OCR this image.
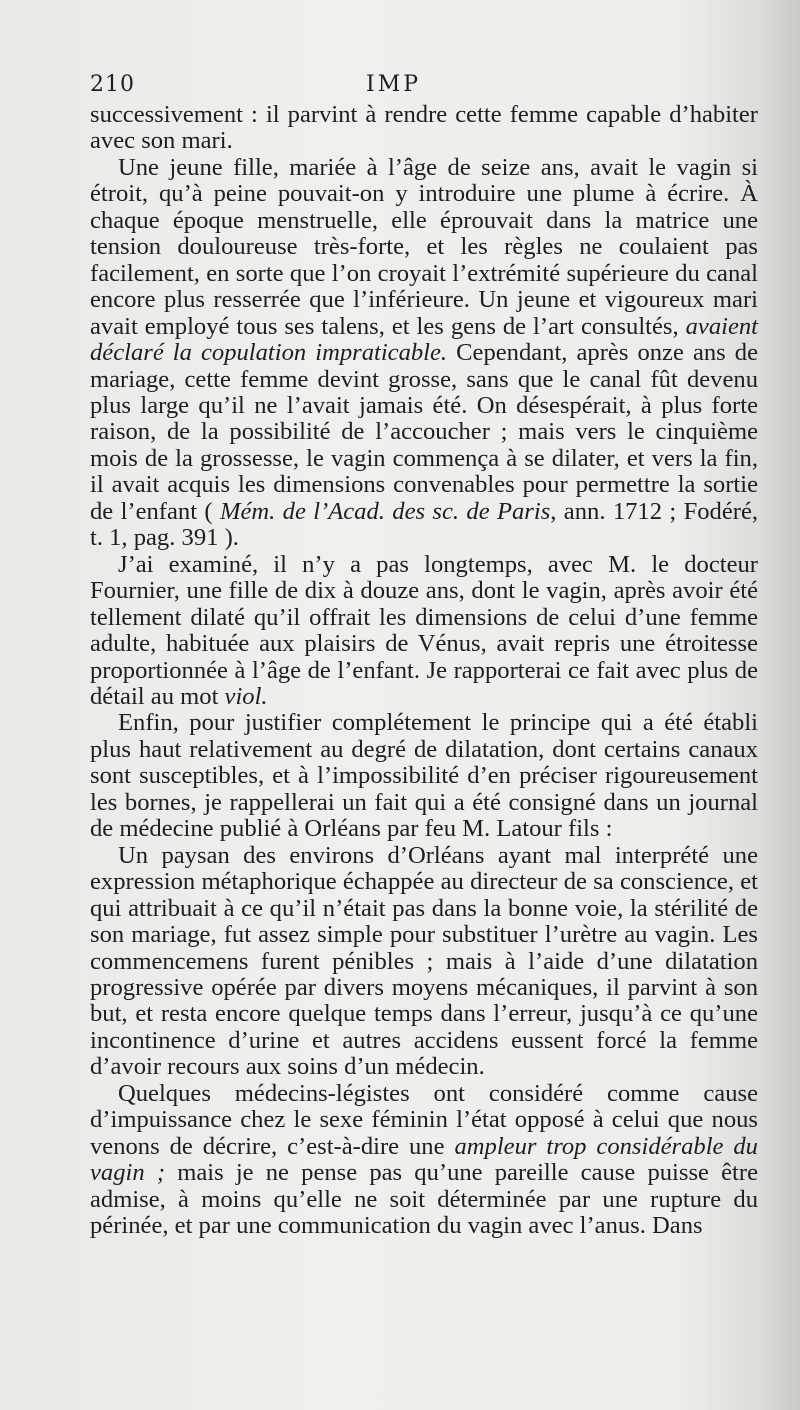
210	IMP

successivement : il parvint à rendre cette femme capable d’habiter avec son mari.

Une jeune fille, mariée à l’âge de seize ans, avait le vagin si étroit, qu’à peine pouvait-on y introduire une plume à écrire. À chaque époque menstruelle, elle éprouvait dans la matrice une tension douloureuse très-forte, et les règles ne coulaient pas facilement, en sorte que l’on croyait l’extrémité supérieure du canal encore plus resserrée que l’inférieure. Un jeune et vigoureux mari avait employé tous ses talens, et les gens de l’art consultés, avaient déclaré la copulation impraticable. Cependant, après onze ans de mariage, cette femme devint grosse, sans que le canal fût devenu plus large qu’il ne l’avait jamais été. On désespérait, à plus forte raison, de la possibilité de l’accoucher ; mais vers le cinquième mois de la grossesse, le vagin commença à se dilater, et vers la fin, il avait acquis les dimensions convenables pour permettre la sortie de l’enfant ( Mém. de l’Acad. des sc. de Paris, ann. 1712 ; Fodéré, t. 1, pag. 391 ).

J’ai examiné, il n’y a pas longtemps, avec M. le docteur Fournier, une fille de dix à douze ans, dont le vagin, après avoir été tellement dilaté qu’il offrait les dimensions de celui d’une femme adulte, habituée aux plaisirs de Vénus, avait repris une étroitesse proportionnée à l’âge de l’enfant. Je rapporterai ce fait avec plus de détail au mot viol.

Enfin, pour justifier complétement le principe qui a été établi plus haut relativement au degré de dilatation, dont certains canaux sont susceptibles, et à l’impossibilité d’en préciser rigoureusement les bornes, je rappellerai un fait qui a été consigné dans un journal de médecine publié à Orléans par feu M. Latour fils :

Un paysan des environs d’Orléans ayant mal interprété une expression métaphorique échappée au directeur de sa conscience, et qui attribuait à ce qu’il n’était pas dans la bonne voie, la stérilité de son mariage, fut assez simple pour substituer l’urètre au vagin. Les commencemens furent pénibles ; mais à l’aide d’une dilatation progressive opérée par divers moyens mécaniques, il parvint à son but, et resta encore quelque temps dans l’erreur, jusqu’à ce qu’une incontinence d’urine et autres accidens eussent forcé la femme d’avoir recours aux soins d’un médecin.

Quelques médecins-légistes ont considéré comme cause d’impuissance chez le sexe féminin l’état opposé à celui que nous venons de décrire, c’est-à-dire une ampleur trop considérable du vagin ; mais je ne pense pas qu’une pareille cause puisse être admise, à moins qu’elle ne soit déterminée par une rupture du périnée, et par une communication du vagin avec l’anus. Dans
